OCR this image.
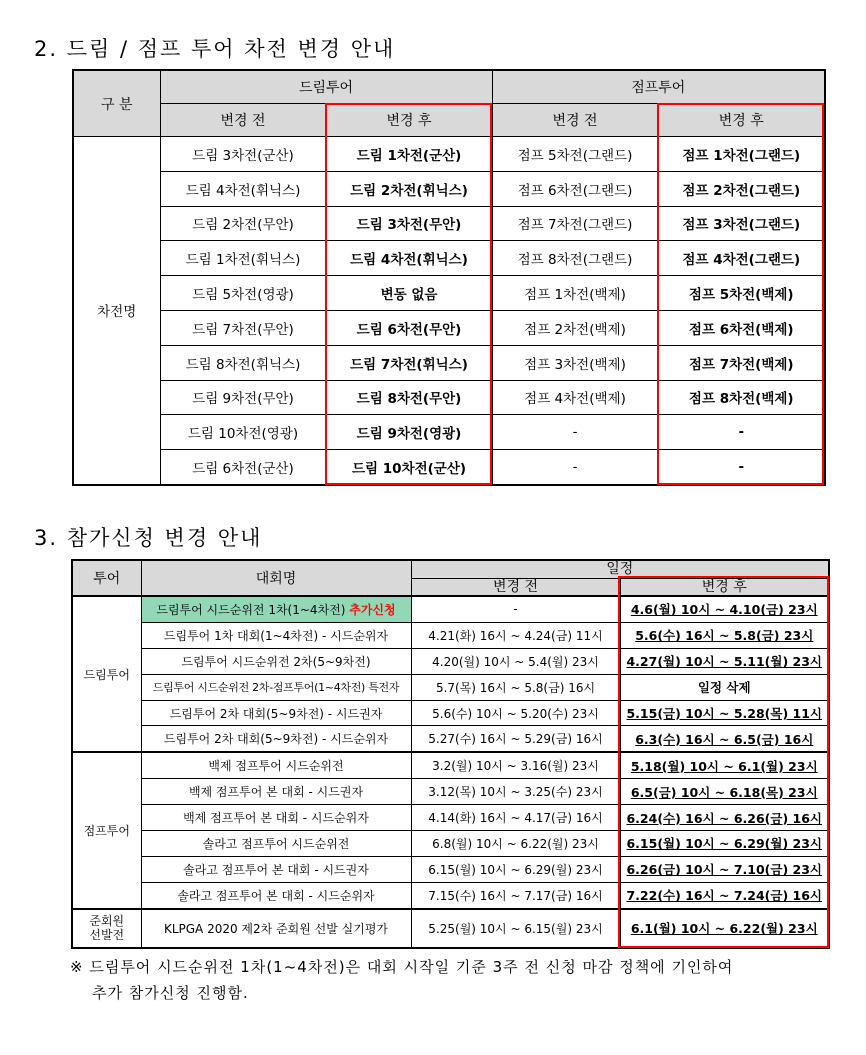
2. 드림 / 점프 투어 차전 변경 안내
구 분	드림투어		점프투어	
	변경 전	변경 후	변경 전	변경 후
차전명	드림 3차전(군산)	드림 1차전(군산)	점프 5차전(그랜드)	점프 1차전(그랜드)
	드림 4차전(휘닉스)	드림 2차전(휘닉스)	점프 6차전(그랜드)	점프 2차전(그랜드)
	드림 2차전(무안)	드림 3차전(무안)	점프 7차전(그랜드)	점프 3차전(그랜드)
	드림 1차전(휘닉스)	드림 4차전(휘닉스)	점프 8차전(그랜드)	점프 4차전(그랜드)
	드림 5차전(영광)	변동 없음	점프 1차전(백제)	점프 5차전(백제)
	드림 7차전(무안)	드림 6차전(무안)	점프 2차전(백제)	점프 6차전(백제)
	드림 8차전(휘닉스)	드림 7차전(휘닉스)	점프 3차전(백제)	점프 7차전(백제)
	드림 9차전(무안)	드림 8차전(무안)	점프 4차전(백제)	점프 8차전(백제)
	드림 10차전(영광)	드림 9차전(영광)	-	-
	드림 6차전(군산)	드림 10차전(군산)	-	-
3. 참가신청 변경 안내
투어	대회명	일정	
		변경 전	변경 후
드림투어	드림투어 시드순위전 1차(1~4차전) 추가신청	-	4.6(월) 10시 ~ 4.10(금) 23시
	드림투어 1차 대회(1~4차전) - 시드순위자	4.21(화) 16시 ~ 4.24(금) 11시	5.6(수) 16시 ~ 5.8(금) 23시
	드림투어 시드순위전 2차(5~9차전)	4.20(월) 10시 ~ 5.4(월) 23시	4.27(월) 10시 ~ 5.11(월) 23시
	드림투어 시드순위전 2차-점프투어(1~4차전) 특전자	5.7(목) 16시 ~ 5.8(금) 16시	일정 삭제
	드림투어 2차 대회(5~9차전) - 시드권자	5.6(수) 10시 ~ 5.20(수) 23시	5.15(금) 10시 ~ 5.28(목) 11시
	드림투어 2차 대회(5~9차전) - 시드순위자	5.27(수) 16시 ~ 5.29(금) 16시	6.3(수) 16시 ~ 6.5(금) 16시
점프투어	백제 점프투어 시드순위전	3.2(월) 10시 ~ 3.16(월) 23시	5.18(월) 10시 ~ 6.1(월) 23시
	백제 점프투어 본 대회 - 시드권자	3.12(목) 10시 ~ 3.25(수) 23시	6.5(금) 10시 ~ 6.18(목) 23시
	백제 점프투어 본 대회 - 시드순위자	4.14(화) 16시 ~ 4.17(금) 16시	6.24(수) 16시 ~ 6.26(금) 16시
	솔라고 점프투어 시드순위전	6.8(월) 10시 ~ 6.22(월) 23시	6.15(월) 10시 ~ 6.29(월) 23시
	솔라고 점프투어 본 대회 - 시드권자	6.15(월) 10시 ~ 6.29(월) 23시	6.26(금) 10시 ~ 7.10(금) 23시
	솔라고 점프투어 본 대회 - 시드순위자	7.15(수) 16시 ~ 7.17(금) 16시	7.22(수) 16시 ~ 7.24(금) 16시

준회원
선발전	KLPGA 2020 제2차 준회원 선발 실기평가	5.25(월) 10시 ~ 6.15(월) 23시	6.1(월) 10시 ~ 6.22(월) 23시
※ 드림투어 시드순위전 1차(1~4차전)은 대회 시작일 기준 3주 전 신청 마감 정책에 기인하여
추가 참가신청 진행함.
